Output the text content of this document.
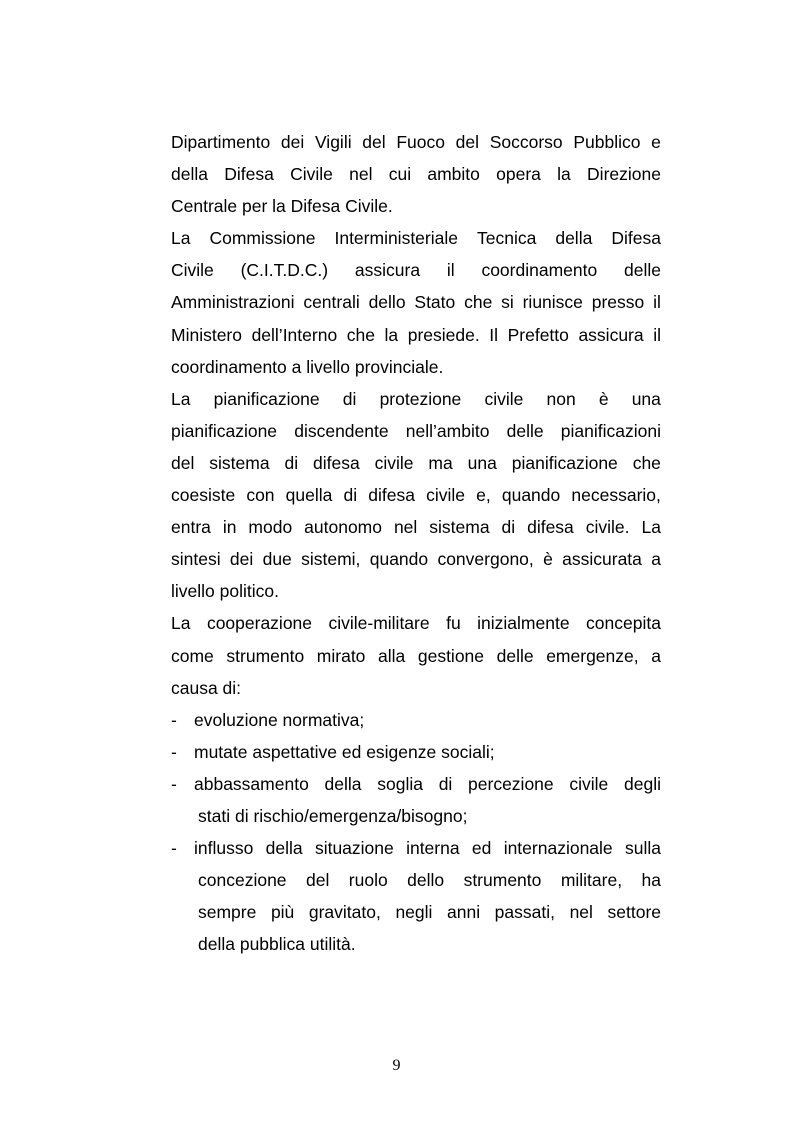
Dipartimento dei Vigili del Fuoco del Soccorso Pubblico e
della Difesa Civile nel cui ambito opera la Direzione
Centrale per la Difesa Civile.
La Commissione Interministeriale Tecnica della Difesa
Civile (C.I.T.D.C.) assicura il coordinamento delle
Amministrazioni centrali dello Stato che si riunisce presso il
Ministero dell’Interno che la presiede. Il Prefetto assicura il
coordinamento a livello provinciale.
La pianificazione di protezione civile non è una
pianificazione discendente nell’ambito delle pianificazioni
del sistema di difesa civile ma una pianificazione che
coesiste con quella di difesa civile e, quando necessario,
entra in modo autonomo nel sistema di difesa civile. La
sintesi dei due sistemi, quando convergono, è assicurata a
livello politico.
La cooperazione civile-militare fu inizialmente concepita
come strumento mirato alla gestione delle emergenze, a
causa di:
- evoluzione normativa;
- mutate aspettative ed esigenze sociali;
- abbassamento della soglia di percezione civile degli
stati di rischio/emergenza/bisogno;
- influsso della situazione interna ed internazionale sulla
concezione del ruolo dello strumento militare, ha
sempre più gravitato, negli anni passati, nel settore
della pubblica utilità.
9
